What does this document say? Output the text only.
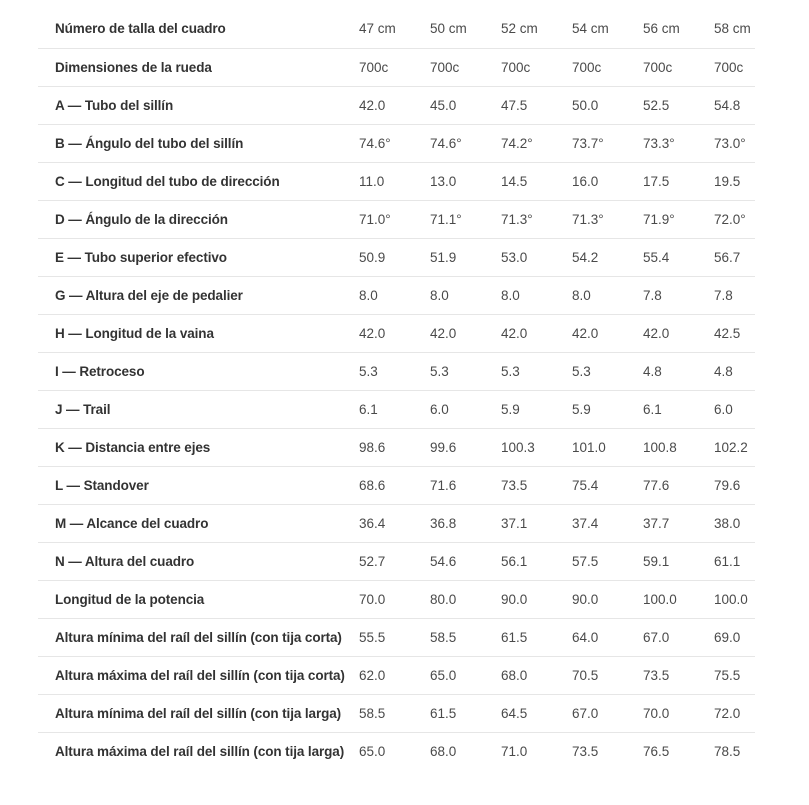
Número de talla del cuadro	47 cm	50 cm	52 cm	54 cm	56 cm	58 cm
Dimensiones de la rueda	700c	700c	700c	700c	700c	700c
A — Tubo del sillín	42.0	45.0	47.5	50.0	52.5	54.8
B — Ángulo del tubo del sillín	74.6°	74.6°	74.2°	73.7°	73.3°	73.0°
C — Longitud del tubo de dirección	11.0	13.0	14.5	16.0	17.5	19.5
D — Ángulo de la dirección	71.0°	71.1°	71.3°	71.3°	71.9°	72.0°
E — Tubo superior efectivo	50.9	51.9	53.0	54.2	55.4	56.7
G — Altura del eje de pedalier	8.0	8.0	8.0	8.0	7.8	7.8
H — Longitud de la vaina	42.0	42.0	42.0	42.0	42.0	42.5
I — Retroceso	5.3	5.3	5.3	5.3	4.8	4.8
J — Trail	6.1	6.0	5.9	5.9	6.1	6.0
K — Distancia entre ejes	98.6	99.6	100.3	101.0	100.8	102.2
L — Standover	68.6	71.6	73.5	75.4	77.6	79.6
M — Alcance del cuadro	36.4	36.8	37.1	37.4	37.7	38.0
N — Altura del cuadro	52.7	54.6	56.1	57.5	59.1	61.1
Longitud de la potencia	70.0	80.0	90.0	90.0	100.0	100.0
Altura mínima del raíl del sillín (con tija corta)	55.5	58.5	61.5	64.0	67.0	69.0
Altura máxima del raíl del sillín (con tija corta)	62.0	65.0	68.0	70.5	73.5	75.5
Altura mínima del raíl del sillín (con tija larga)	58.5	61.5	64.5	67.0	70.0	72.0
Altura máxima del raíl del sillín (con tija larga)	65.0	68.0	71.0	73.5	76.5	78.5
